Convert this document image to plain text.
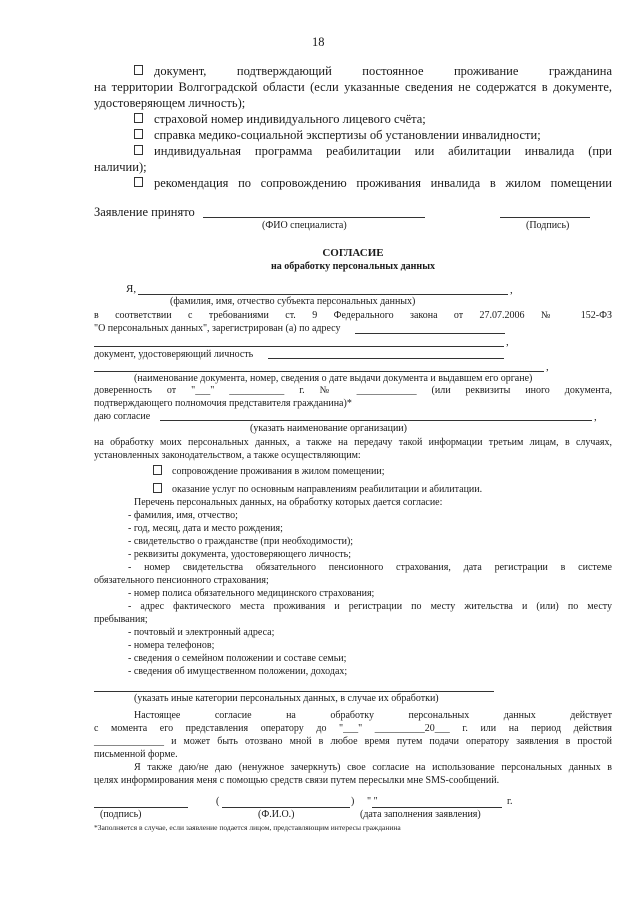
18
документ, подтверждающий постоянное проживание гражданина
на территории Волгоградской области (если указанные сведения не содержатся в документе,
удостоверяющем личность);
страховой номер индивидуального лицевого счёта;
справка медико-социальной экспертизы об установлении инвалидности;
индивидуальная программа реабилитации или абилитации инвалида (при
наличии);
рекомендация по сопровождению проживания инвалида в жилом помещении
Заявление принято
(ФИО специалиста)	(Подпись)
СОГЛАСИЕ
на обработку персональных данных
Я,	,
(фамилия, имя, отчество субъекта персональных данных)
в соответствии с требованиями ст. 9 Федерального закона от 27.07.2006 № 152-ФЗ
"О персональных данных", зарегистрирован (а) по адресу
,
документ, удостоверяющий личность
,
(наименование документа, номер, сведения о дате выдачи документа и выдавшем его органе)
доверенность от "___" ___________ г. № ____________ (или реквизиты иного документа,
подтверждающего полномочия представителя гражданина)*
даю согласие	,
(указать наименование организации)
на обработку моих персональных данных, а также на передачу такой информации третьим лицам, в случаях,
установленных законодательством, а также осуществляющим:
сопровождение проживания в жилом помещении;
оказание услуг по основным направлениям реабилитации и абилитации.
Перечень персональных данных, на обработку которых дается согласие:
- фамилия, имя, отчество;
- год, месяц, дата и место рождения;
- свидетельство о гражданстве (при необходимости);
- реквизиты документа, удостоверяющего личность;
- номер свидетельства обязательного пенсионного страхования, дата регистрации в системе
обязательного пенсионного страхования;
- номер полиса обязательного медицинского страхования;
- адрес фактического места проживания и регистрации по месту жительства и (или) по месту
пребывания;
- почтовый и электронный адреса;
- номера телефонов;
- сведения о семейном положении и составе семьи;
- сведения об имущественном положении, доходах;
(указать иные категории персональных данных, в случае их обработки)
Настоящее согласие на обработку персональных данных действует
с момента его представления оператору до "___" __________20___ г. или на период действия
______________ и может быть отозвано мной в любое время путем подачи оператору заявления в простой
письменной форме.
Я также даю/не даю (ненужное зачеркнуть) свое согласие на использование персональных данных в
целях информирования меня с помощью средств связи путем пересылки мне SMS-сообщений.
(	) " "	г.
(подпись)	(Ф.И.О.)	(дата заполнения заявления)
*Заполняется в случае, если заявление подается лицом, представляющим интересы гражданина
